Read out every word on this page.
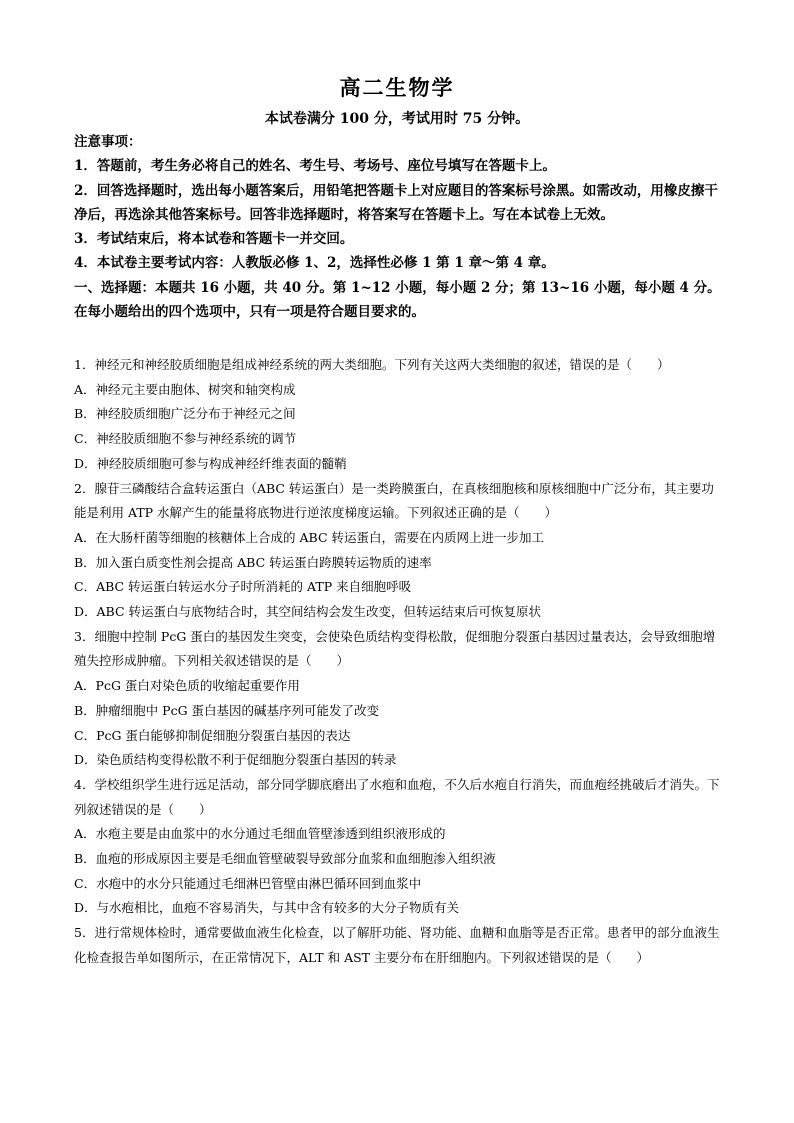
高二生物学
本试卷满分 100 分，考试用时 75 分钟。

注意事项：

1．答题前，考生务必将自己的姓名、考生号、考场号、座位号填写在答题卡上。

2．回答选择题时，选出每小题答案后，用铅笔把答题卡上对应题目的答案标号涂黑。如需改动，用橡皮擦干净后，再选涂其他答案标号。回答非选择题时，将答案写在答题卡上。写在本试卷上无效。

3．考试结束后，将本试卷和答题卡一并交回。

4．本试卷主要考试内容：人教版必修 1、2，选择性必修 1 第 1 章～第 4 章。

一、选择题：本题共 16 小题，共 40 分。第 1~12 小题，每小题 2 分；第 13~16 小题，每小题 4 分。在每小题给出的四个选项中，只有一项是符合题目要求的。

1．神经元和神经胶质细胞是组成神经系统的两大类细胞。下列有关这两大类细胞的叙述，错误的是（　　）

A．神经元主要由胞体、树突和轴突构成

B．神经胶质细胞广泛分布于神经元之间

C．神经胶质细胞不参与神经系统的调节

D．神经胶质细胞可参与构成神经纤维表面的髓鞘

2．腺苷三磷酸结合盒转运蛋白（ABC 转运蛋白）是一类跨膜蛋白，在真核细胞核和原核细胞中广泛分布，其主要功能是利用 ATP 水解产生的能量将底物进行逆浓度梯度运输。下列叙述正确的是（　　）

A．在大肠杆菌等细胞的核糖体上合成的 ABC 转运蛋白，需要在内质网上进一步加工

B．加入蛋白质变性剂会提高 ABC 转运蛋白跨膜转运物质的速率

C．ABC 转运蛋白转运水分子时所消耗的 ATP 来自细胞呼吸

D．ABC 转运蛋白与底物结合时，其空间结构会发生改变，但转运结束后可恢复原状

3．细胞中控制 PcG 蛋白的基因发生突变，会使染色质结构变得松散，促细胞分裂蛋白基因过量表达，会导致细胞增殖失控形成肿瘤。下列相关叙述错误的是（　　）

A．PcG 蛋白对染色质的收缩起重要作用

B．肿瘤细胞中 PcG 蛋白基因的碱基序列可能发了改变

C．PcG 蛋白能够抑制促细胞分裂蛋白基因的表达

D．染色质结构变得松散不利于促细胞分裂蛋白基因的转录

4．学校组织学生进行远足活动，部分同学脚底磨出了水疱和血疱，不久后水疱自行消失，而血疱经挑破后才消失。下列叙述错误的是（　　）

A．水疱主要是由血浆中的水分通过毛细血管壁渗透到组织液形成的

B．血疱的形成原因主要是毛细血管壁破裂导致部分血浆和血细胞渗入组织液

C．水疱中的水分只能通过毛细淋巴管壁由淋巴循环回到血浆中

D．与水疱相比，血疱不容易消失，与其中含有较多的大分子物质有关

5．进行常规体检时，通常要做血液生化检查，以了解肝功能、肾功能、血糖和血脂等是否正常。患者甲的部分血液生化检查报告单如图所示，在正常情况下，ALT 和 AST 主要分布在肝细胞内。下列叙述错误的是（　　）
